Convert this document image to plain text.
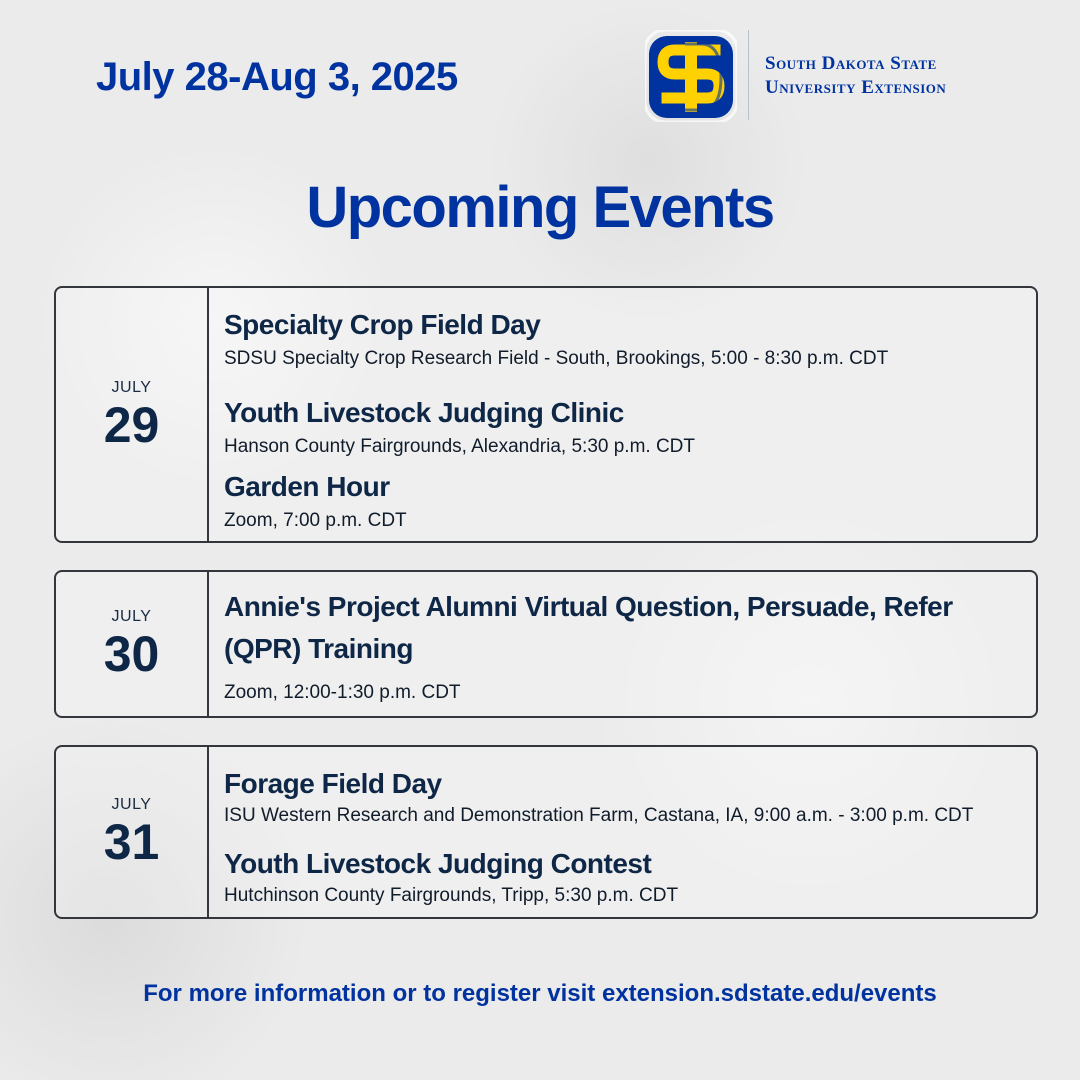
July 28-Aug 3, 2025	South Dakota State
University Extension
Upcoming Events
JULY
29
Specialty Crop Field Day
SDSU Specialty Crop Research Field - South, Brookings, 5:00 - 8:30 p.m. CDT
Youth Livestock Judging Clinic
Hanson County Fairgrounds, Alexandria, 5:30 p.m. CDT
Garden Hour
Zoom, 7:00 p.m. CDT
JULY
30
Annie's Project Alumni Virtual Question, Persuade, Refer
(QPR) Training
Zoom, 12:00-1:30 p.m. CDT
JULY
31
Forage Field Day
ISU Western Research and Demonstration Farm, Castana, IA, 9:00 a.m. - 3:00 p.m. CDT
Youth Livestock Judging Contest
Hutchinson County Fairgrounds, Tripp, 5:30 p.m. CDT
For more information or to register visit extension.sdstate.edu/events
